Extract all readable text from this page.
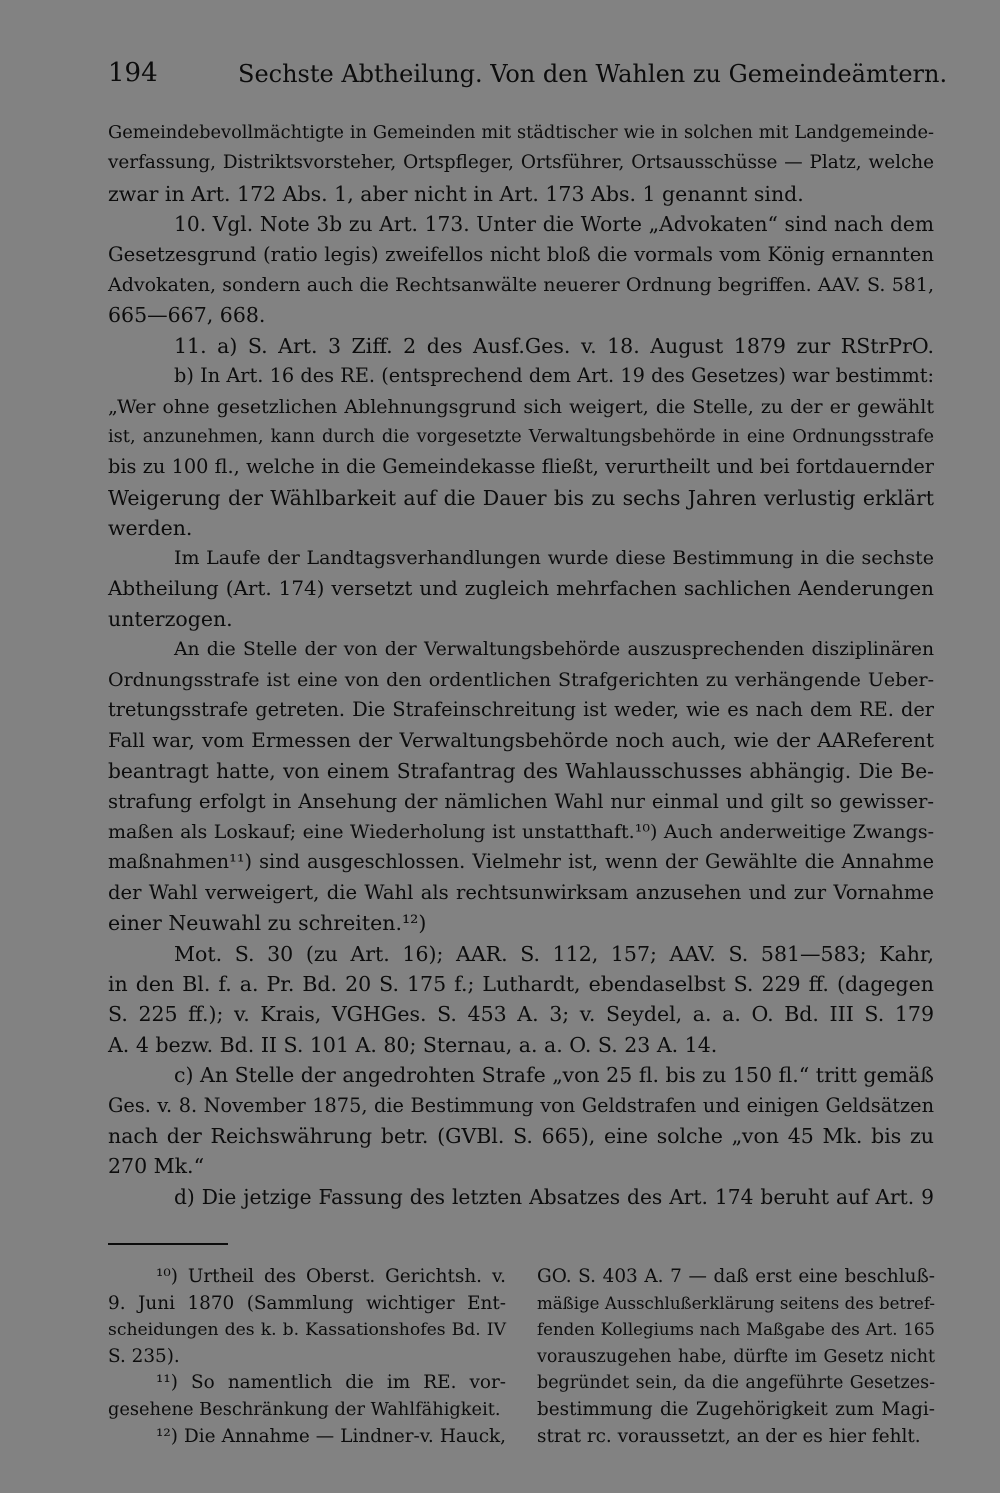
194	Sechste Abtheilung. Von den Wahlen zu Gemeindeämtern.
Gemeindebevollmächtigte in Gemeinden mit städtischer wie in solchen mit Landgemeinde-
verfassung, Distriktsvorsteher, Ortspfleger, Ortsführer, Ortsausschüsse — Platz, welche
zwar in Art. 172 Abs. 1, aber nicht in Art. 173 Abs. 1 genannt sind.
10. Vgl. Note 3b zu Art. 173. Unter die Worte „Advokaten“ sind nach dem
Gesetzesgrund (ratio legis) zweifellos nicht bloß die vormals vom König ernannten
Advokaten, sondern auch die Rechtsanwälte neuerer Ordnung begriffen. AAV. S. 581,
665—667, 668.
11. a) S. Art. 3 Ziff. 2 des Ausf.Ges. v. 18. August 1879 zur RStrPrO.
b) In Art. 16 des RE. (entsprechend dem Art. 19 des Gesetzes) war bestimmt:
„Wer ohne gesetzlichen Ablehnungsgrund sich weigert, die Stelle, zu der er gewählt
ist, anzunehmen, kann durch die vorgesetzte Verwaltungsbehörde in eine Ordnungsstrafe
bis zu 100 fl., welche in die Gemeindekasse fließt, verurtheilt und bei fortdauernder
Weigerung der Wählbarkeit auf die Dauer bis zu sechs Jahren verlustig erklärt
werden.
Im Laufe der Landtagsverhandlungen wurde diese Bestimmung in die sechste
Abtheilung (Art. 174) versetzt und zugleich mehrfachen sachlichen Aenderungen
unterzogen.
An die Stelle der von der Verwaltungsbehörde auszusprechenden disziplinären
Ordnungsstrafe ist eine von den ordentlichen Strafgerichten zu verhängende Ueber-
tretungsstrafe getreten. Die Strafeinschreitung ist weder, wie es nach dem RE. der
Fall war, vom Ermessen der Verwaltungsbehörde noch auch, wie der AAReferent
beantragt hatte, von einem Strafantrag des Wahlausschusses abhängig. Die Be-
strafung erfolgt in Ansehung der nämlichen Wahl nur einmal und gilt so gewisser-
maßen als Loskauf; eine Wiederholung ist unstatthaft.¹⁰) Auch anderweitige Zwangs-
maßnahmen¹¹) sind ausgeschlossen. Vielmehr ist, wenn der Gewählte die Annahme
der Wahl verweigert, die Wahl als rechtsunwirksam anzusehen und zur Vornahme
einer Neuwahl zu schreiten.¹²)
Mot. S. 30 (zu Art. 16); AAR. S. 112, 157; AAV. S. 581—583; Kahr,
in den Bl. f. a. Pr. Bd. 20 S. 175 f.; Luthardt, ebendaselbst S. 229 ff. (dagegen
S. 225 ff.); v. Krais, VGHGes. S. 453 A. 3; v. Seydel, a. a. O. Bd. III S. 179
A. 4 bezw. Bd. II S. 101 A. 80; Sternau, a. a. O. S. 23 A. 14.
c) An Stelle der angedrohten Strafe „von 25 fl. bis zu 150 fl.“ tritt gemäß
Ges. v. 8. November 1875, die Bestimmung von Geldstrafen und einigen Geldsätzen
nach der Reichswährung betr. (GVBl. S. 665), eine solche „von 45 Mk. bis zu
270 Mk.“
d) Die jetzige Fassung des letzten Absatzes des Art. 174 beruht auf Art. 9
¹⁰) Urtheil des Oberst. Gerichtsh. v.
9. Juni 1870 (Sammlung wichtiger Ent-
scheidungen des k. b. Kassationshofes Bd. IV
S. 235).
¹¹) So namentlich die im RE. vor-
gesehene Beschränkung der Wahlfähigkeit.
¹²) Die Annahme — Lindner-v. Hauck,
GO. S. 403 A. 7 — daß erst eine beschluß-
mäßige Ausschlußerklärung seitens des betref-
fenden Kollegiums nach Maßgabe des Art. 165
vorauszugehen habe, dürfte im Gesetz nicht
begründet sein, da die angeführte Gesetzes-
bestimmung die Zugehörigkeit zum Magi-
strat rc. voraussetzt, an der es hier fehlt.
